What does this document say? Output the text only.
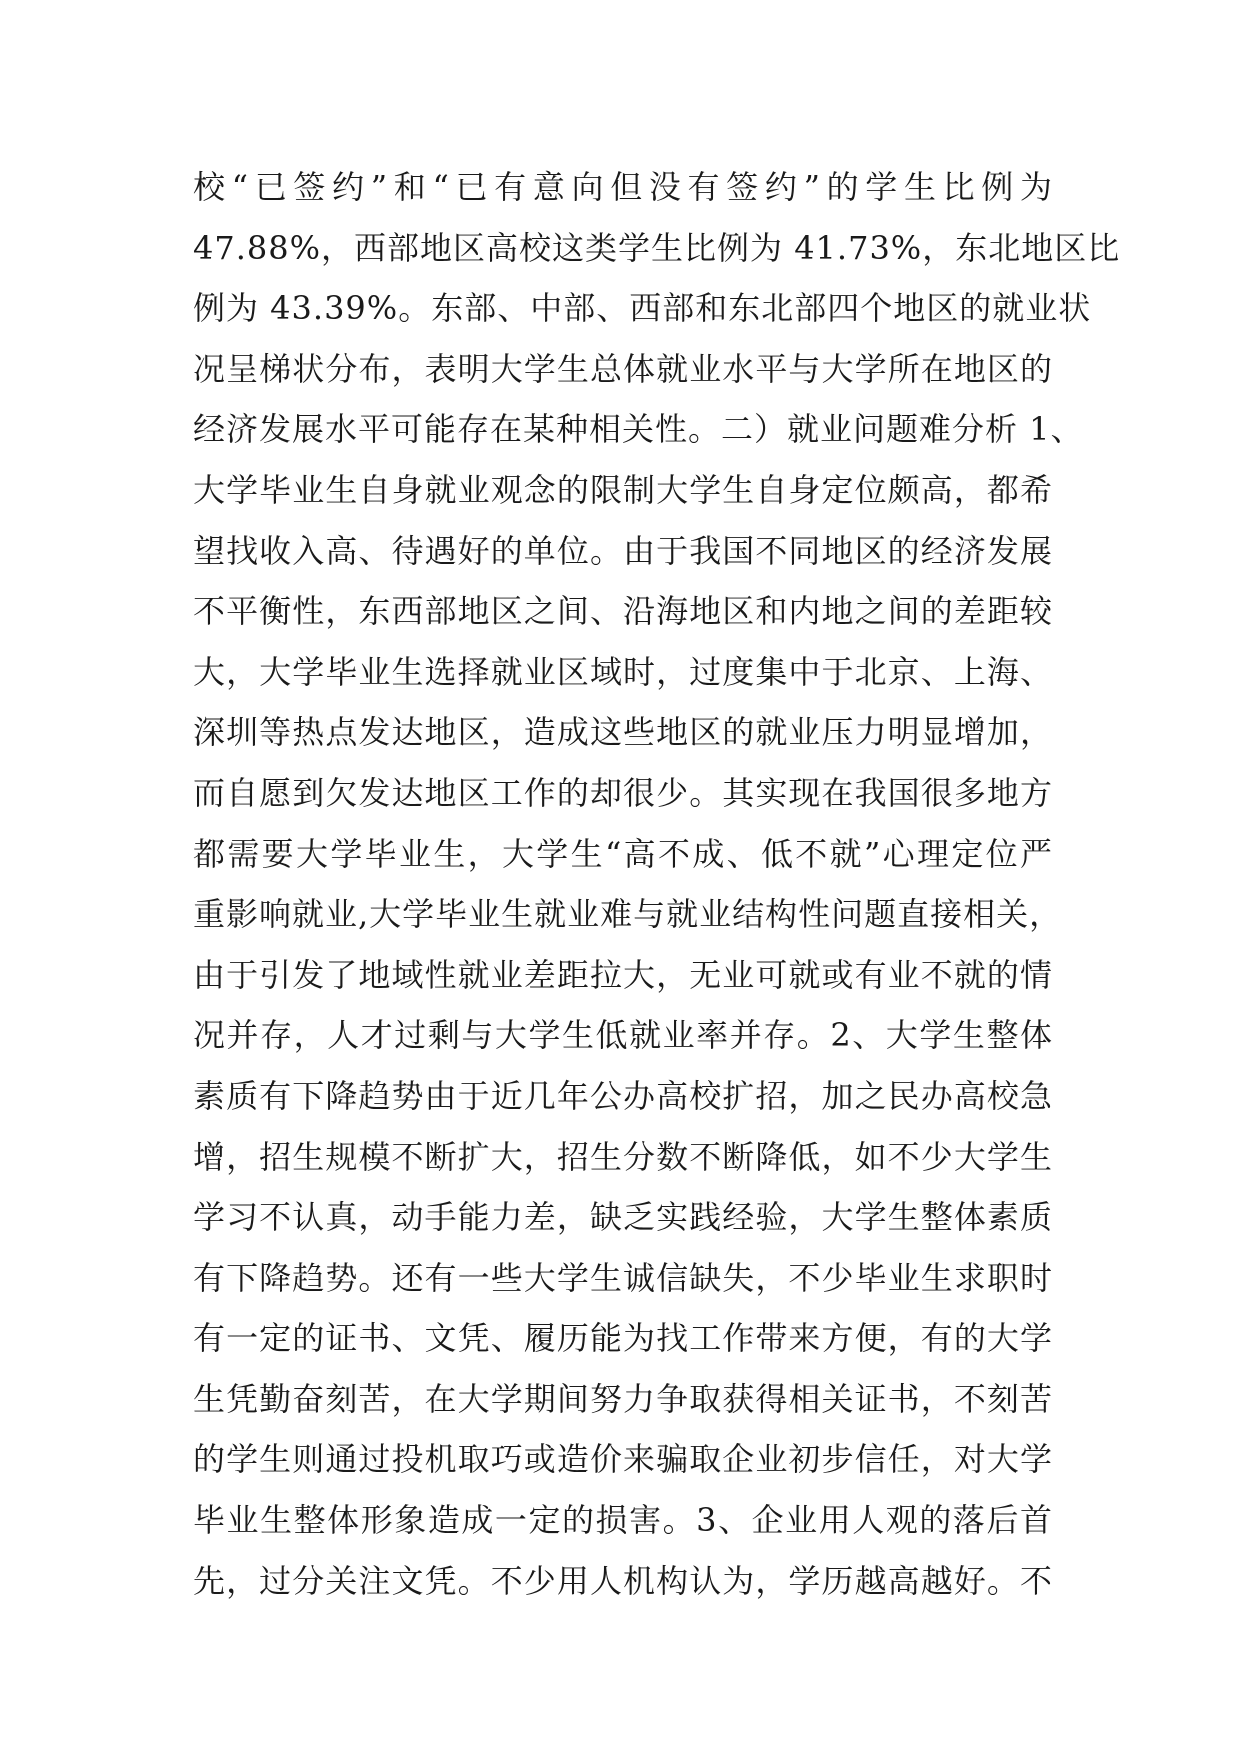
校“已签约”和“已有意向但没有签约”的学生比例为
47.88%，西部地区高校这类学生比例为 41.73%，东北地区比
例为 43.39%。东部、中部、西部和东北部四个地区的就业状
况呈梯状分布，表明大学生总体就业水平与大学所在地区的
经济发展水平可能存在某种相关性。二）就业问题难分析 1、
大学毕业生自身就业观念的限制大学生自身定位颇高，都希
望找收入高、待遇好的单位。由于我国不同地区的经济发展
不平衡性，东西部地区之间、沿海地区和内地之间的差距较
大，大学毕业生选择就业区域时，过度集中于北京、上海、
深圳等热点发达地区，造成这些地区的就业压力明显增加，
而自愿到欠发达地区工作的却很少。其实现在我国很多地方
都需要大学毕业生，大学生“高不成、低不就”心理定位严
重影响就业,大学毕业生就业难与就业结构性问题直接相关，
由于引发了地域性就业差距拉大，无业可就或有业不就的情
况并存，人才过剩与大学生低就业率并存。2、大学生整体
素质有下降趋势由于近几年公办高校扩招，加之民办高校急
增，招生规模不断扩大，招生分数不断降低，如不少大学生
学习不认真，动手能力差，缺乏实践经验，大学生整体素质
有下降趋势。还有一些大学生诚信缺失，不少毕业生求职时
有一定的证书、文凭、履历能为找工作带来方便，有的大学
生凭勤奋刻苦，在大学期间努力争取获得相关证书，不刻苦
的学生则通过投机取巧或造价来骗取企业初步信任，对大学
毕业生整体形象造成一定的损害。3、企业用人观的落后首
先，过分关注文凭。不少用人机构认为，学历越高越好。不
